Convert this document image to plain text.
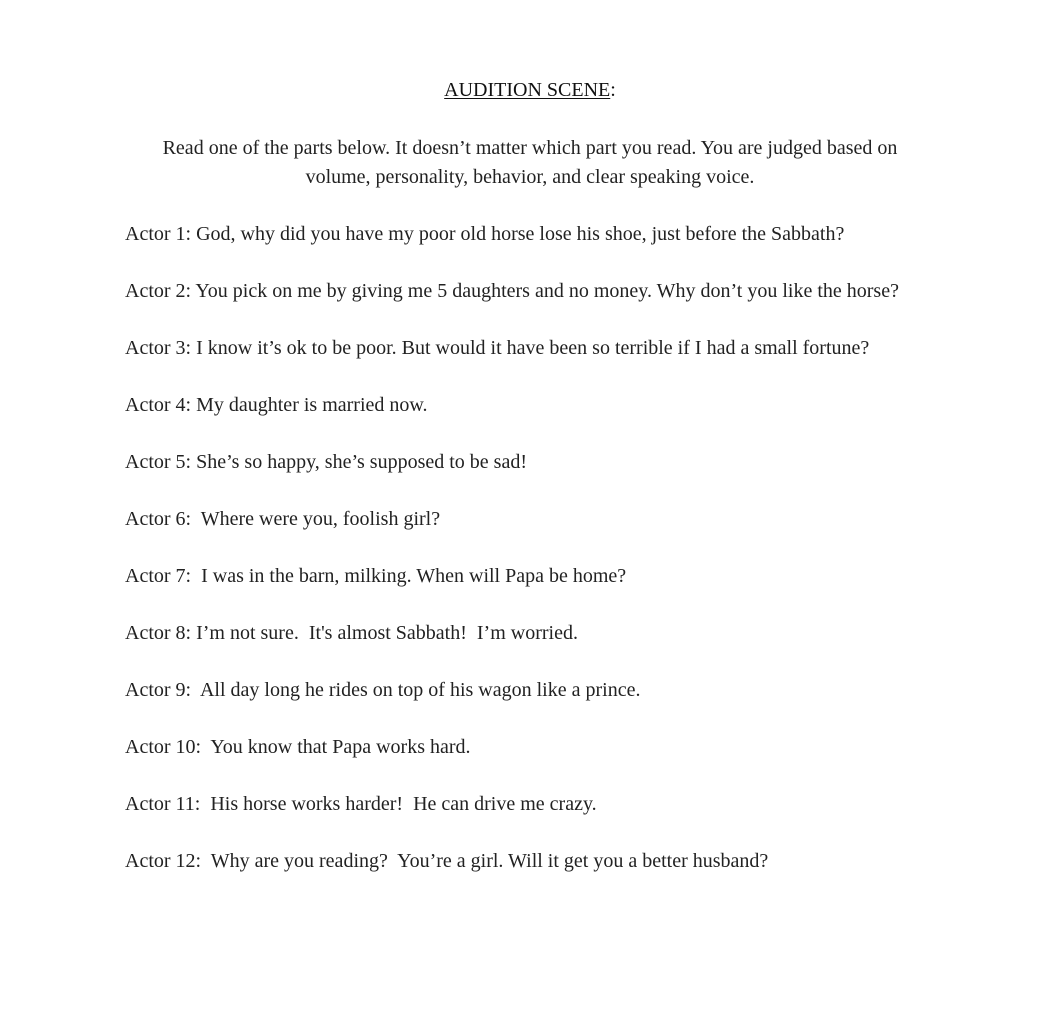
AUDITION SCENE:
Read one of the parts below. It doesn’t matter which part you read. You are judged based on
volume, personality, behavior, and clear speaking voice.
Actor 1: God, why did you have my poor old horse lose his shoe, just before the Sabbath?
Actor 2: You pick on me by giving me 5 daughters and no money. Why don’t you like the horse?
Actor 3: I know it’s ok to be poor. But would it have been so terrible if I had a small fortune?
Actor 4: My daughter is married now.
Actor 5: She’s so happy, she’s supposed to be sad!
Actor 6:  Where were you, foolish girl?
Actor 7:  I was in the barn, milking. When will Papa be home?
Actor 8: I’m not sure.  It's almost Sabbath!  I’m worried.
Actor 9:  All day long he rides on top of his wagon like a prince.
Actor 10:  You know that Papa works hard.
Actor 11:  His horse works harder!  He can drive me crazy.
Actor 12:  Why are you reading?  You’re a girl. Will it get you a better husband?
